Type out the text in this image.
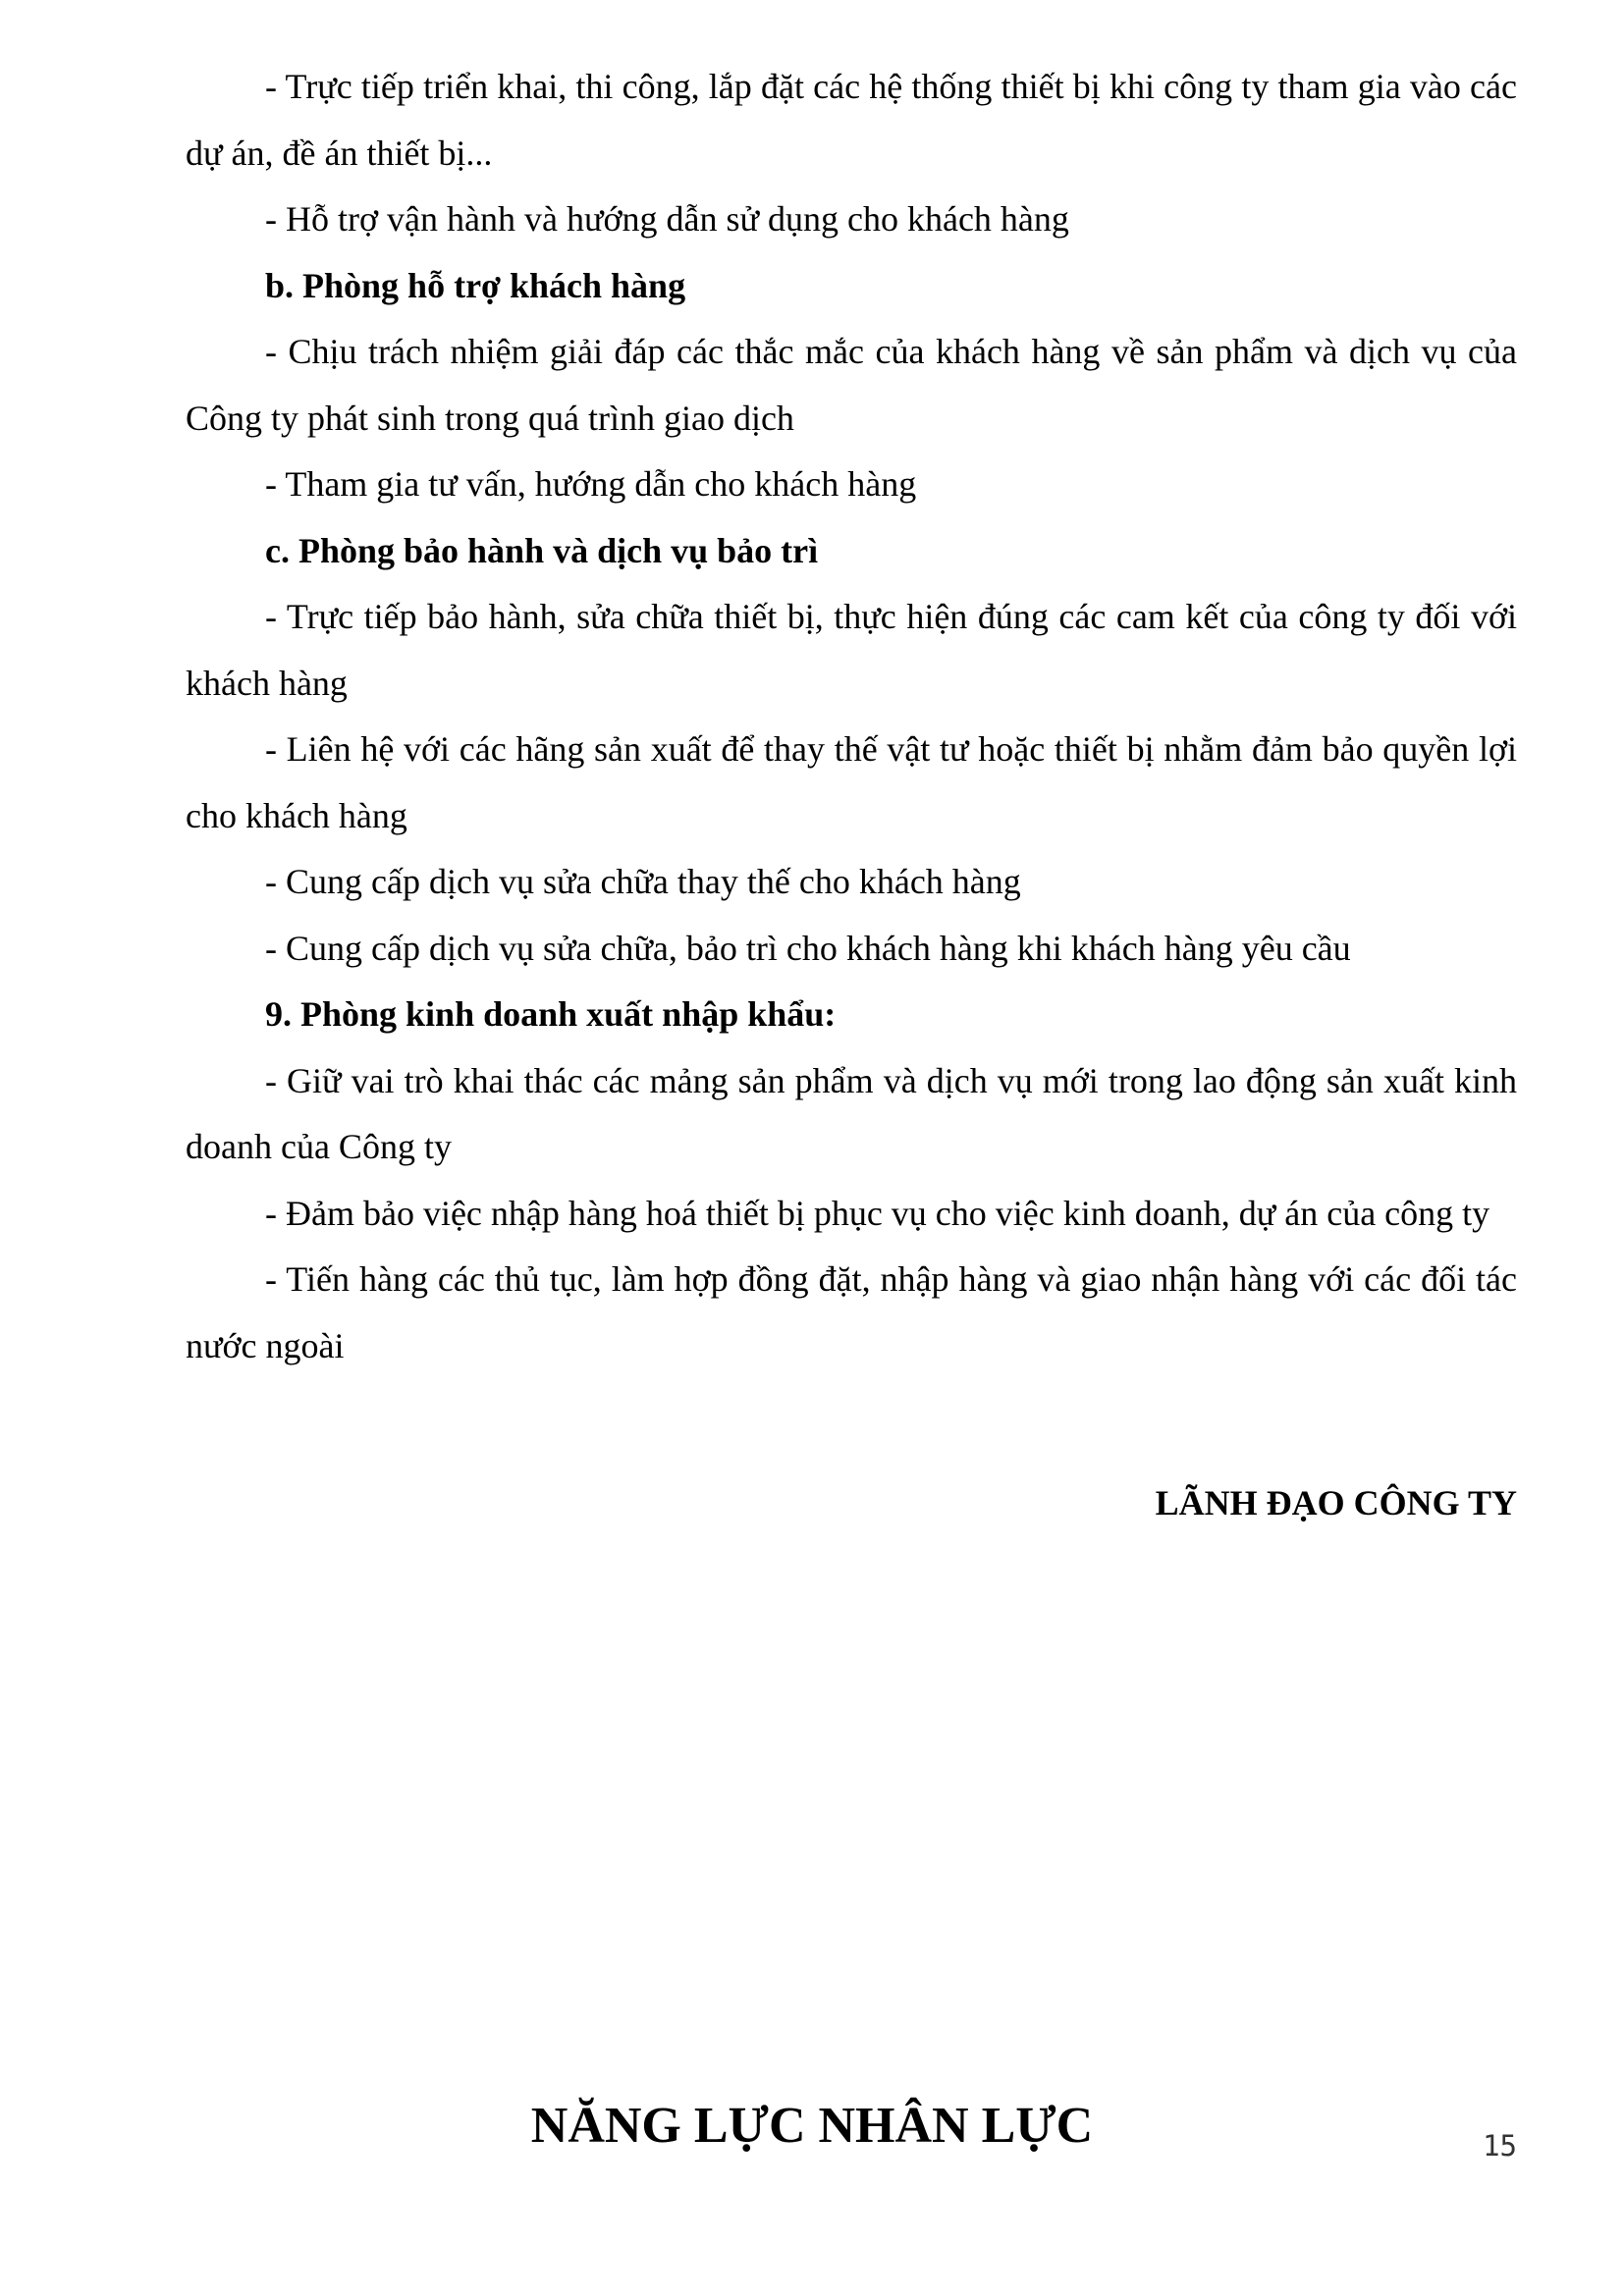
- Trực tiếp triển khai, thi công, lắp đặt các hệ thống thiết bị khi công ty tham gia vào các dự án, đề án thiết bị...

- Hỗ trợ vận hành và hướng dẫn sử dụng cho khách hàng

b. Phòng hỗ trợ khách hàng

- Chịu trách nhiệm giải đáp các thắc mắc của khách hàng về sản phẩm và dịch vụ của Công ty phát sinh trong quá trình giao dịch

- Tham gia tư vấn, hướng dẫn cho khách hàng

c. Phòng bảo hành và dịch vụ bảo trì

- Trực tiếp bảo hành, sửa chữa thiết bị, thực hiện đúng các cam kết của công ty đối với khách hàng

- Liên hệ với các hãng sản xuất để thay thế vật tư hoặc thiết bị nhằm đảm bảo quyền lợi cho khách hàng

- Cung cấp dịch vụ sửa chữa thay thế cho khách hàng

- Cung cấp dịch vụ sửa chữa, bảo trì cho khách hàng khi khách hàng yêu cầu

9. Phòng kinh doanh xuất nhập khẩu:

- Giữ vai trò khai thác các mảng sản phẩm và dịch vụ mới trong lao động sản xuất kinh doanh của Công ty

- Đảm bảo việc nhập hàng hoá thiết bị phục vụ cho việc kinh doanh, dự án của công ty

- Tiến hàng các thủ tục, làm hợp đồng đặt, nhập hàng và giao nhận hàng với các đối tác nước ngoài

LÃNH ĐẠO CÔNG TY
NĂNG LỰC NHÂN LỰC	15
